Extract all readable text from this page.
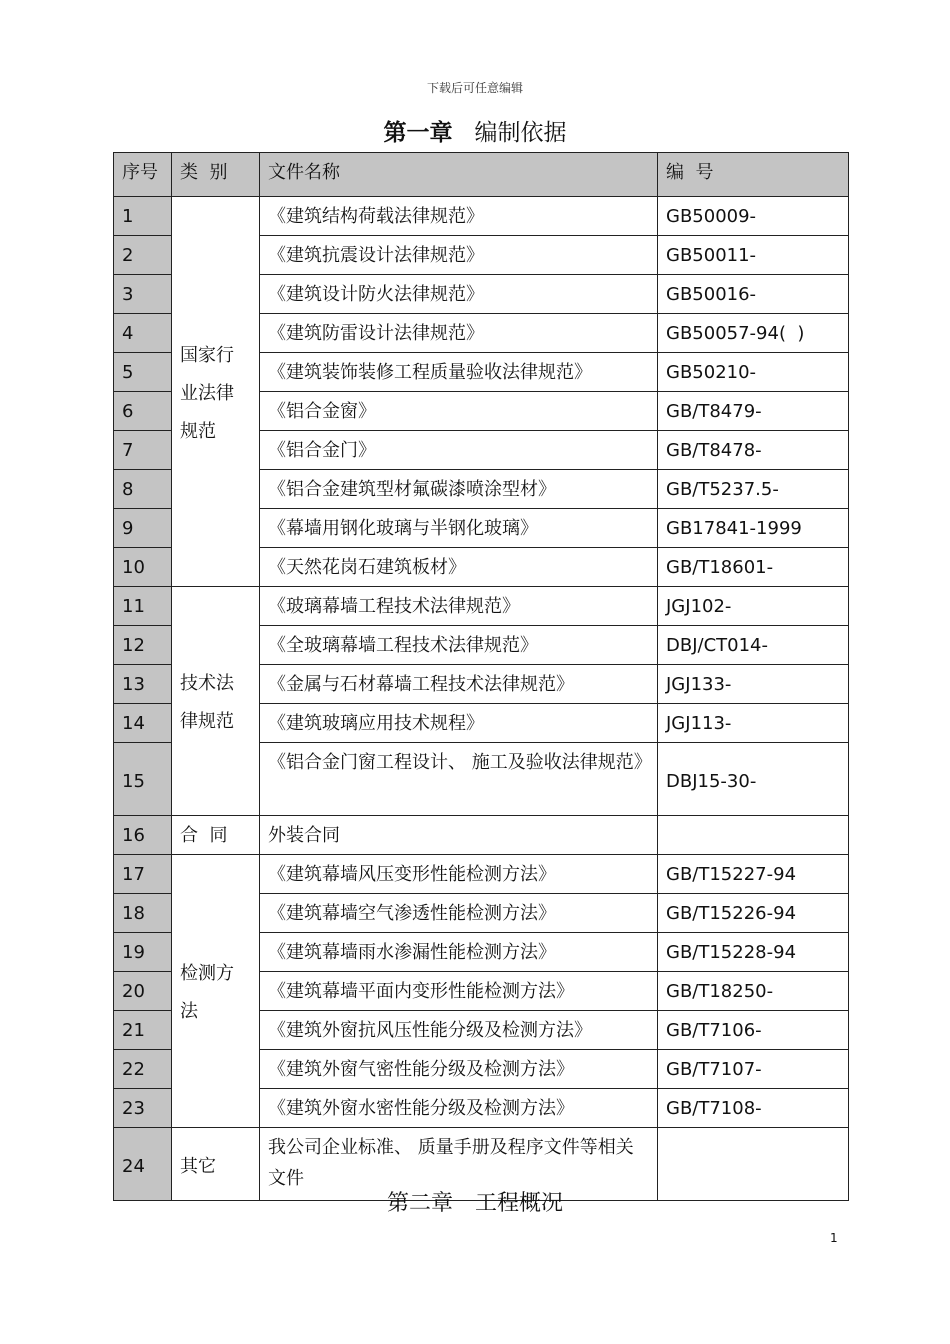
下载后可任意编辑
第一章 编制依据
序号	类  别	文件名称	编  号
1	国家行业法律规范	《建筑结构荷载法律规范》	GB50009-
2		《建筑抗震设计法律规范》	GB50011-
3		《建筑设计防火法律规范》	GB50016-
4		《建筑防雷设计法律规范》	GB50057-94(  )
5		《建筑装饰装修工程质量验收法律规范》	GB50210-
6		《铝合金窗》	GB/T8479-
7		《铝合金门》	GB/T8478-
8		《铝合金建筑型材氟碳漆喷涂型材》	GB/T5237.5-
9		《幕墙用钢化玻璃与半钢化玻璃》	GB17841-1999
10		《天然花岗石建筑板材》	GB/T18601-
11	技术法律规范	《玻璃幕墙工程技术法律规范》	JGJ102-
12		《全玻璃幕墙工程技术法律规范》	DBJ/CT014-
13		《金属与石材幕墙工程技术法律规范》	JGJ133-
14		《建筑玻璃应用技术规程》	JGJ113-
15		《铝合金门窗工程设计、 施工及验收法律规范》	DBJ15-30-
16	合  同	外装合同	
17	检测方法	《建筑幕墙风压变形性能检测方法》	GB/T15227-94
18		《建筑幕墙空气渗透性能检测方法》	GB/T15226-94
19		《建筑幕墙雨水渗漏性能检测方法》	GB/T15228-94
20		《建筑幕墙平面内变形性能检测方法》	GB/T18250-
21		《建筑外窗抗风压性能分级及检测方法》	GB/T7106-
22		《建筑外窗气密性能分级及检测方法》	GB/T7107-
23		《建筑外窗水密性能分级及检测方法》	GB/T7108-
24	其它	我公司企业标准、 质量手册及程序文件等相关文件	
第二章 工程概况
1
